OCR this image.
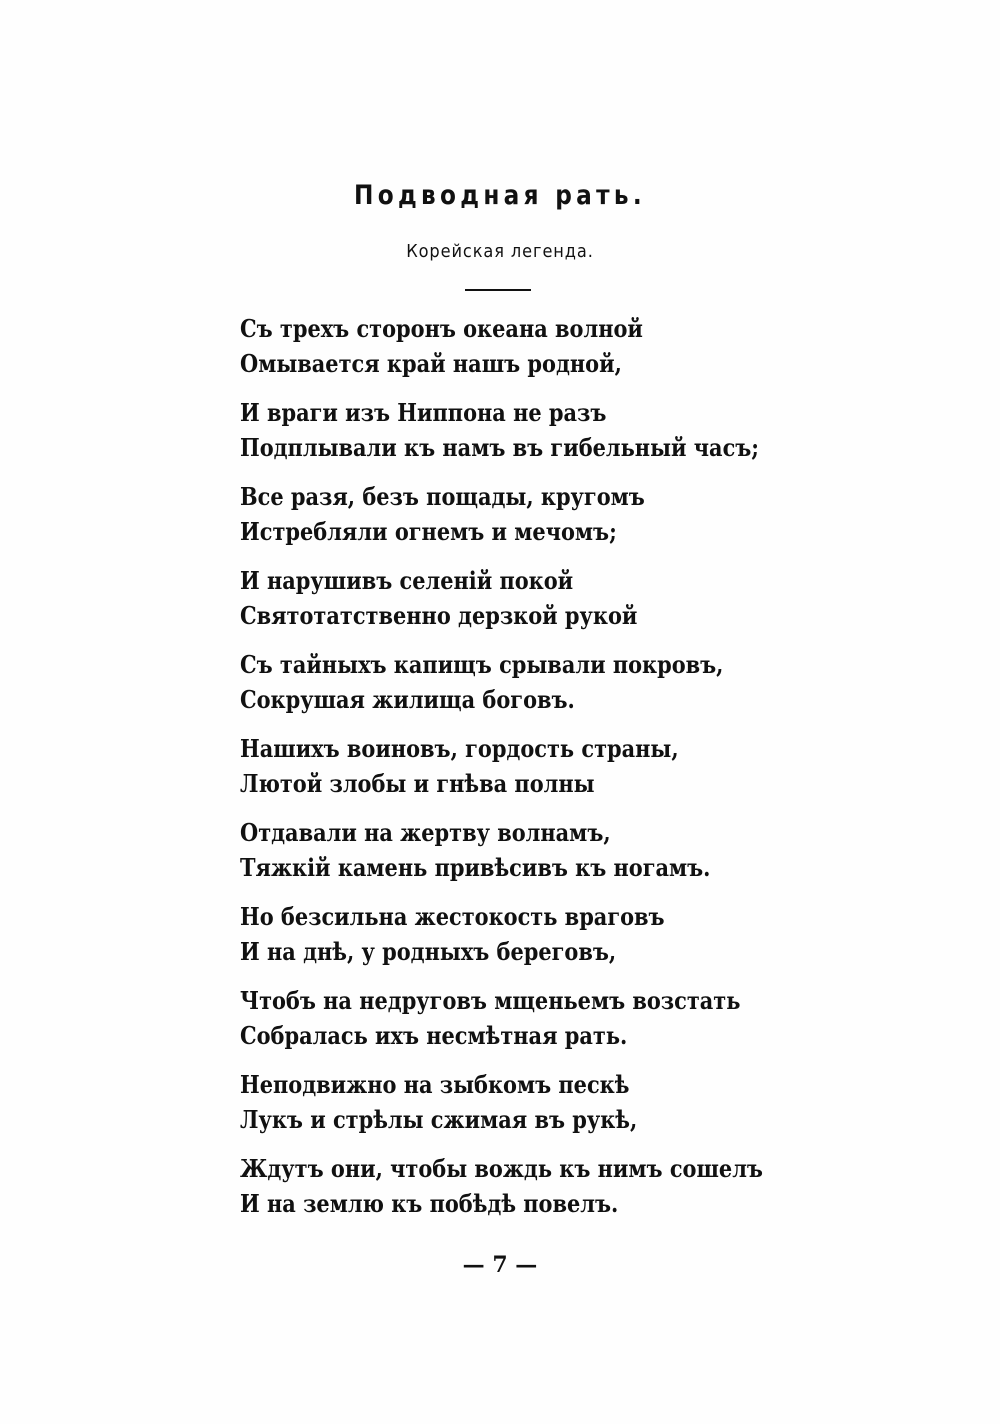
Подводная рать.
Корейская легенда.
Съ трехъ сторонъ океана волной
Омывается край нашъ родной,
И враги изъ Ниппона не разъ
Подплывали къ намъ въ гибельный часъ;
Все разя, безъ пощады, кругомъ
Истребляли огнемъ и мечомъ;
И нарушивъ селеній покой
Святотатственно дерзкой рукой
Съ тайныхъ капищъ срывали покровъ,
Сокрушая жилища боговъ.
Нашихъ воиновъ, гордость страны,
Лютой злобы и гнѣва полны
Отдавали на жертву волнамъ,
Тяжкій камень привѣсивъ къ ногамъ.
Но безсильна жестокость враговъ
И на днѣ, у родныхъ береговъ,
Чтобъ на недруговъ мщеньемъ возстать
Собралась ихъ несмѣтная рать.
Неподвижно на зыбкомъ пескѣ
Лукъ и стрѣлы сжимая въ рукѣ,
Ждутъ они, чтобы вождь къ нимъ сошелъ
И на землю къ побѣдѣ повелъ.
— 7 —
